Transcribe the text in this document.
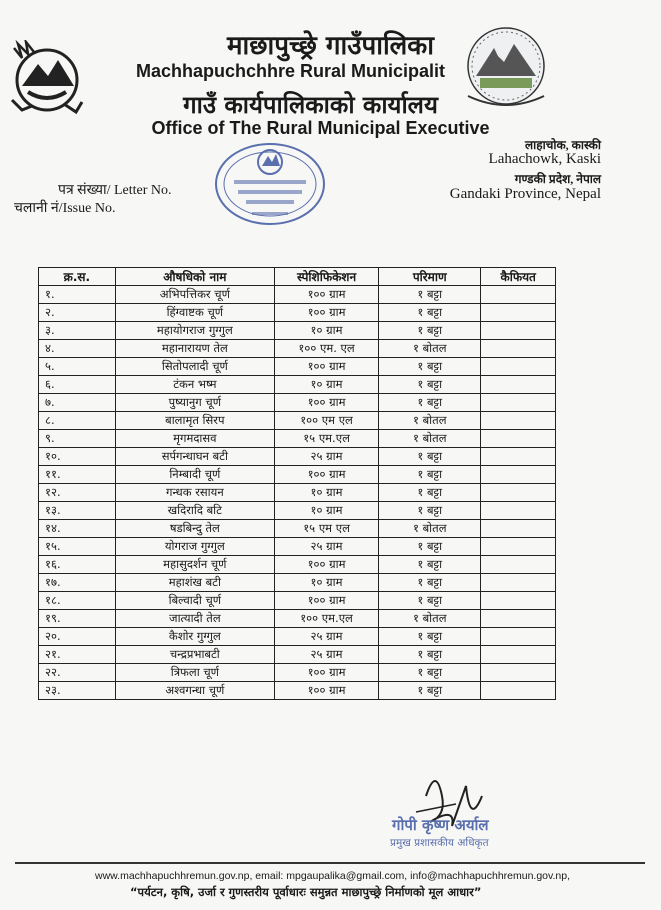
माछापुच्छ्रे गाउँपालिका
Machhapuchchhre Rural Municipalit
गाउँ कार्यपालिकाको कार्यालय
Office of The Rural Municipal Executive
लाहाचोक, कास्की
Lahachowk, Kaski
गण्डकी प्रदेश, नेपाल
Gandaki Province, Nepal
पत्र संख्या/ Letter No.
चलानी नं/Issue No.
क्र.स.	औषधिको नाम	स्पेशिफिकेशन	परिमाण	कैफियत
१.	अभिपत्तिकर चूर्ण	१०० ग्राम	१ बट्टा	
२.	हिंग्वाष्टक चूर्ण	१०० ग्राम	१ बट्टा	
३.	महायोगराज गुग्गुल	१० ग्राम	१ बट्टा	
४.	महानारायण तेल	१०० एम. एल	१ बोतल	
५.	सितोपलादी चूर्ण	१०० ग्राम	१ बट्टा	
६.	टंकन भष्म	१० ग्राम	१ बट्टा	
७.	पुष्यानुग चूर्ण	१०० ग्राम	१ बट्टा	
८.	बालामृत सिरप	१०० एम एल	१ बोतल	
९.	मृगमदासव	१५ एम.एल	१ बोतल	
१०.	सर्पगन्धाघन बटी	२५ ग्राम	१ बट्टा	
११.	निम्बादी चूर्ण	१०० ग्राम	१ बट्टा	
१२.	गन्धक रसायन	१० ग्राम	१ बट्टा	
१३.	खदिरादि बटि	१० ग्राम	१ बट्टा	
१४.	षडबिन्दु तेल	१५ एम एल	१ बोतल	
१५.	योगराज गुग्गुल	२५ ग्राम	१ बट्टा	
१६.	महासुदर्शन चूर्ण	१०० ग्राम	१ बट्टा	
१७.	महाशंख बटी	१० ग्राम	१ बट्टा	
१८.	बिल्वादी चूर्ण	१०० ग्राम	१ बट्टा	
१९.	जात्यादी तेल	१०० एम.एल	१ बोतल	
२०.	कैशोर गुग्गुल	२५ ग्राम	१ बट्टा	
२१.	चन्द्रप्रभाबटी	२५ ग्राम	१ बट्टा	
२२.	त्रिफला चूर्ण	१०० ग्राम	१ बट्टा	
२३.	अश्वगन्धा चूर्ण	१०० ग्राम	१ बट्टा	
गोपी कृष्ण अर्याल
प्रमुख प्रशासकीय अधिकृत
www.machhapuchhremun.gov.np, email: mpgaupalika@gmail.com, info@machhapuchhremun.gov.np,
“पर्यटन, कृषि, उर्जा र गुणस्तरीय पूर्वाधारः समुन्नत माछापुच्छ्रे निर्माणको मूल आधार”
